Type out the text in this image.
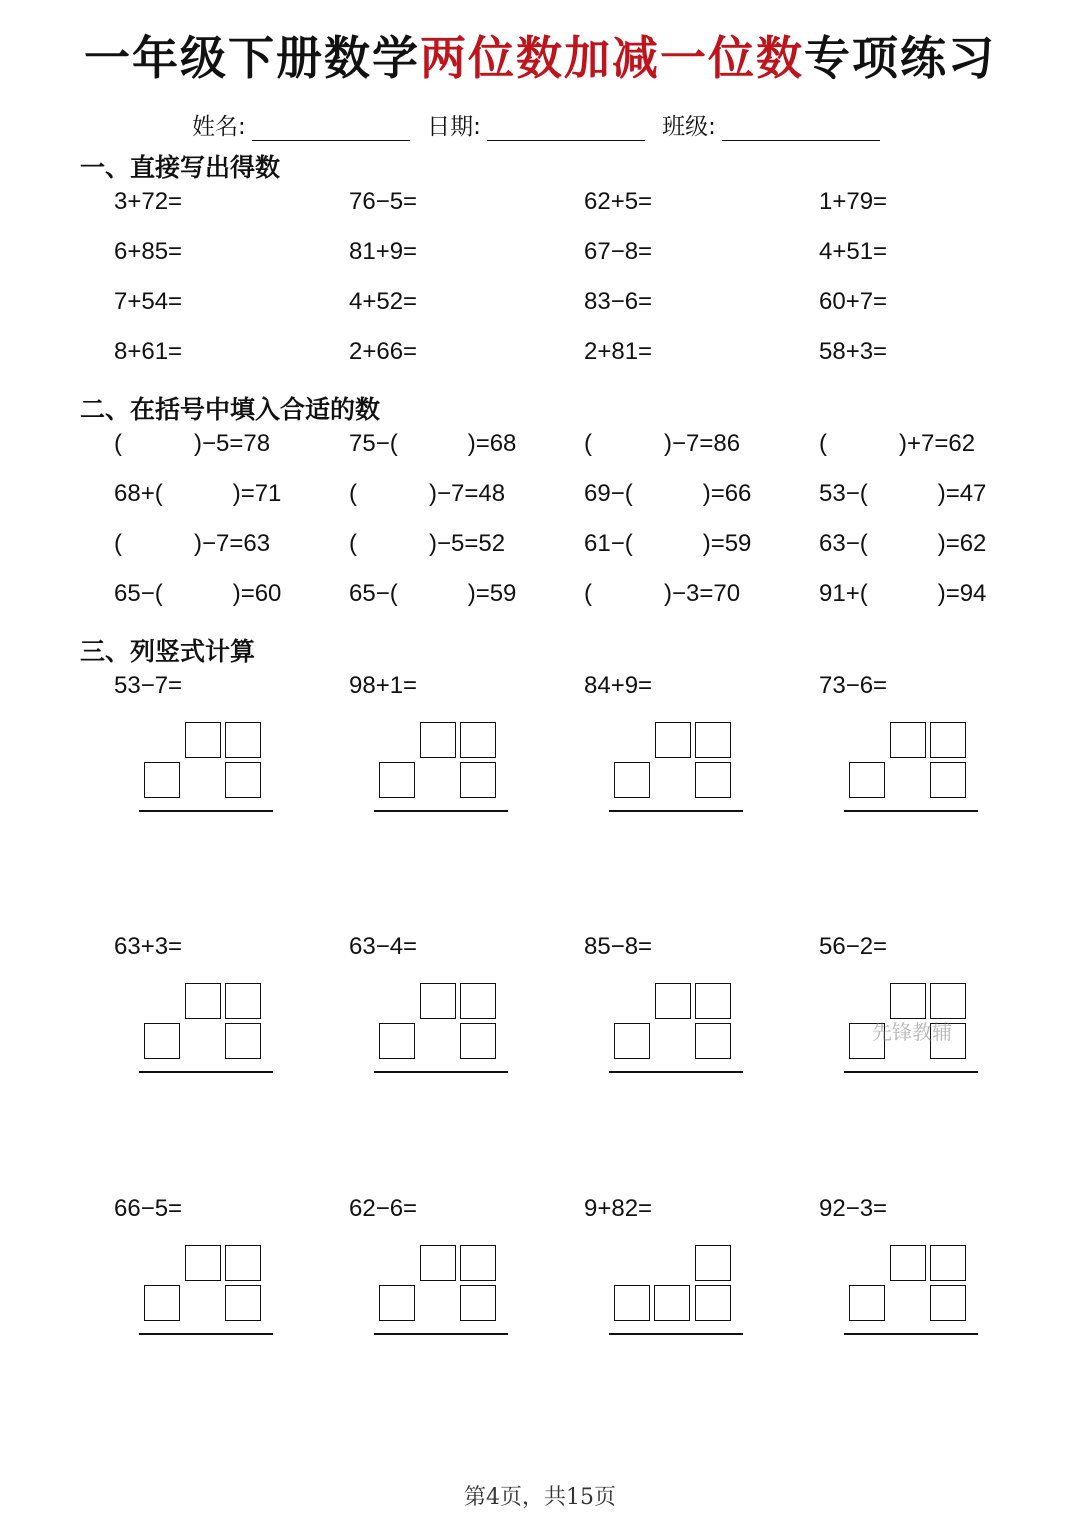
一年级下册数学两位数加减一位数专项练习
姓名:	日期:	班级:
一、直接写出得数
二、在括号中填入合适的数
三、列竖式计算
3+72=	76−5=	62+5=	1+79=
6+85=	81+9=	67−8=	4+51=
7+54=	4+52=	83−6=	60+7=
8+61=	2+66=	2+81=	58+3=
(	)−5=78	75−(	)=68	(	)−7=86	(	)+7=62
68+(	)=71	(	)−7=48	69−(	)=66	53−(	)=47
(	)−7=63	(	)−5=52	61−(	)=59	63−(	)=62
65−(	)=60	65−(	)=59	(	)−3=70	91+(	)=94
53−7=	98+1=	84+9=	73−6=
63+3=	63−4=	85−8=	56−2=
66−5=	62−6=	9+82=	92−3=
先锋教辅
第4页，共15页
